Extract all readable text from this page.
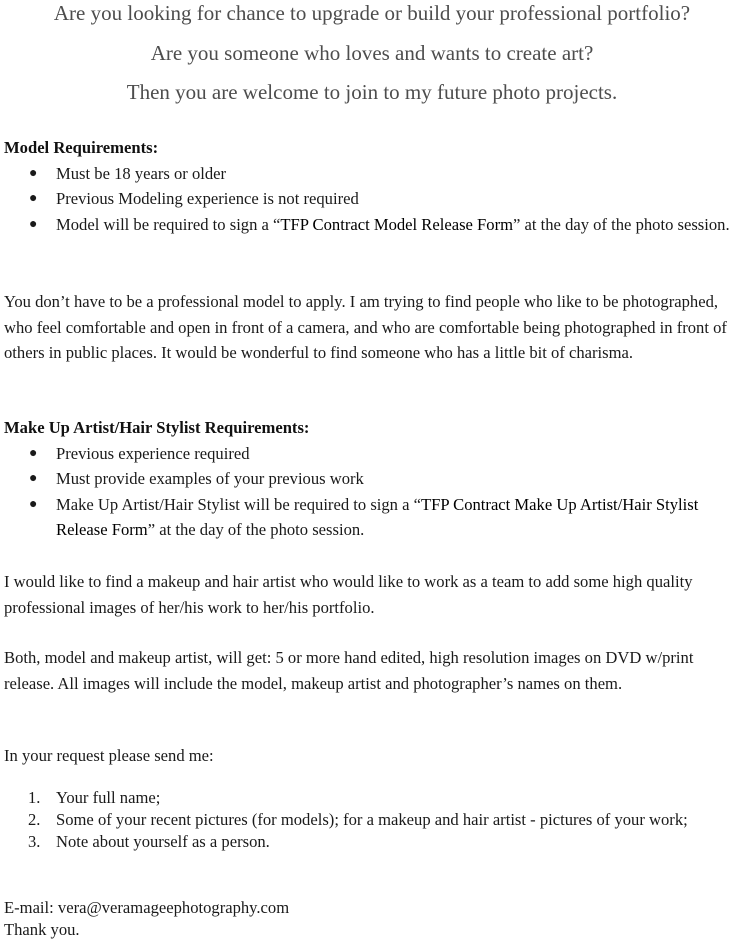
Are you looking for chance to upgrade or build your professional portfolio?
Are you someone who loves and wants to create art?
Then you are welcome to join to my future photo projects.
Model Requirements:
● Must be 18 years or older
● Previous Modeling experience is not required
● Model will be required to sign a “TFP Contract Model Release Form” at the day of the photo session.
You don’t have to be a professional model to apply. I am trying to find people who like to be photographed, who feel comfortable and open in front of a camera, and who are comfortable being photographed in front of others in public places. It would be wonderful to find someone who has a little bit of charisma.
Make Up Artist/Hair Stylist Requirements:
● Previous experience required
● Must provide examples of your previous work
● Make Up Artist/Hair Stylist will be required to sign a “TFP Contract Make Up Artist/Hair Stylist Release Form” at the day of the photo session.
I would like to find a makeup and hair artist who would like to work as a team to add some high quality professional images of her/his work to her/his portfolio.
Both, model and makeup artist, will get: 5 or more hand edited, high resolution images on DVD w/print release. All images will include the model, makeup artist and photographer’s names on them.
In your request please send me:
1. Your full name;
2. Some of your recent pictures (for models); for a makeup and hair artist - pictures of your work;
3. Note about yourself as a person.
E-mail: vera@veramageephotography.com
Thank you.
